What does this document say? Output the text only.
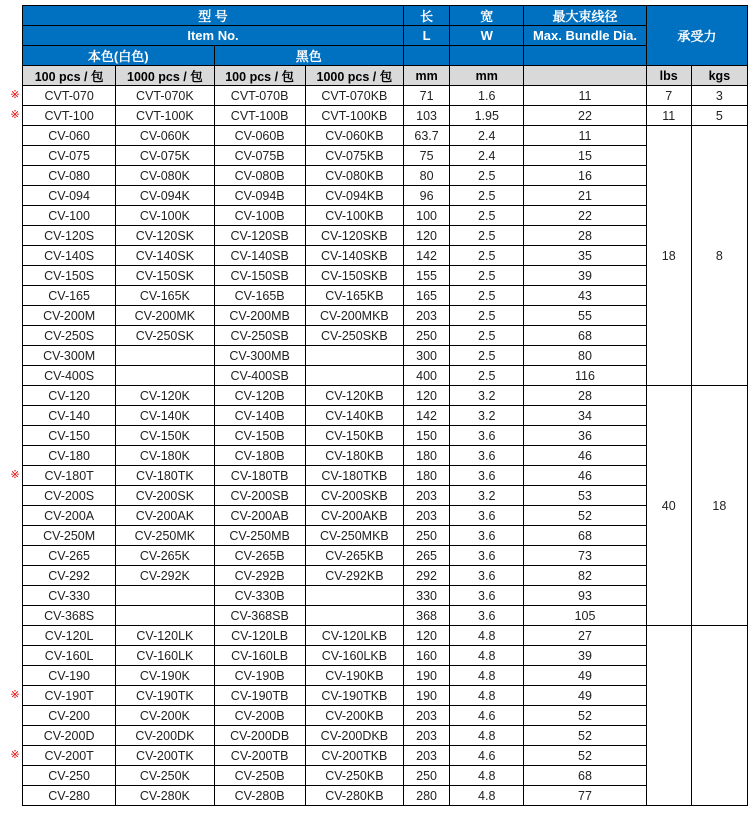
※
※
※
※
※
型 号				长	宽	最大束线径	承受力	
Item No.				L	W	Max. Bundle Dia.		
本色(白色)		黑色						
100 pcs / 包	1000 pcs / 包	100 pcs / 包	1000 pcs / 包	mm	mm		lbs	kgs
CVT-070	CVT-070K	CVT-070B	CVT-070KB	71	1.6	11	7	3
CVT-100	CVT-100K	CVT-100B	CVT-100KB	103	1.95	22	11	5
CV-060	CV-060K	CV-060B	CV-060KB	63.7	2.4	11	18	8
CV-075	CV-075K	CV-075B	CV-075KB	75	2.4	15		
CV-080	CV-080K	CV-080B	CV-080KB	80	2.5	16		
CV-094	CV-094K	CV-094B	CV-094KB	96	2.5	21		
CV-100	CV-100K	CV-100B	CV-100KB	100	2.5	22		
CV-120S	CV-120SK	CV-120SB	CV-120SKB	120	2.5	28		
CV-140S	CV-140SK	CV-140SB	CV-140SKB	142	2.5	35		
CV-150S	CV-150SK	CV-150SB	CV-150SKB	155	2.5	39		
CV-165	CV-165K	CV-165B	CV-165KB	165	2.5	43		
CV-200M	CV-200MK	CV-200MB	CV-200MKB	203	2.5	55		
CV-250S	CV-250SK	CV-250SB	CV-250SKB	250	2.5	68		
CV-300M		CV-300MB		300	2.5	80		
CV-400S		CV-400SB		400	2.5	116		
CV-120	CV-120K	CV-120B	CV-120KB	120	3.2	28	40	18
CV-140	CV-140K	CV-140B	CV-140KB	142	3.2	34		
CV-150	CV-150K	CV-150B	CV-150KB	150	3.6	36		
CV-180	CV-180K	CV-180B	CV-180KB	180	3.6	46		
CV-180T	CV-180TK	CV-180TB	CV-180TKB	180	3.6	46		
CV-200S	CV-200SK	CV-200SB	CV-200SKB	203	3.2	53		
CV-200A	CV-200AK	CV-200AB	CV-200AKB	203	3.6	52		
CV-250M	CV-250MK	CV-250MB	CV-250MKB	250	3.6	68		
CV-265	CV-265K	CV-265B	CV-265KB	265	3.6	73		
CV-292	CV-292K	CV-292B	CV-292KB	292	3.6	82		
CV-330		CV-330B		330	3.6	93		
CV-368S		CV-368SB		368	3.6	105		
CV-120L	CV-120LK	CV-120LB	CV-120LKB	120	4.8	27		
CV-160L	CV-160LK	CV-160LB	CV-160LKB	160	4.8	39		
CV-190	CV-190K	CV-190B	CV-190KB	190	4.8	49		
CV-190T	CV-190TK	CV-190TB	CV-190TKB	190	4.8	49		
CV-200	CV-200K	CV-200B	CV-200KB	203	4.6	52		
CV-200D	CV-200DK	CV-200DB	CV-200DKB	203	4.8	52		
CV-200T	CV-200TK	CV-200TB	CV-200TKB	203	4.6	52		
CV-250	CV-250K	CV-250B	CV-250KB	250	4.8	68		
CV-280	CV-280K	CV-280B	CV-280KB	280	4.8	77		
